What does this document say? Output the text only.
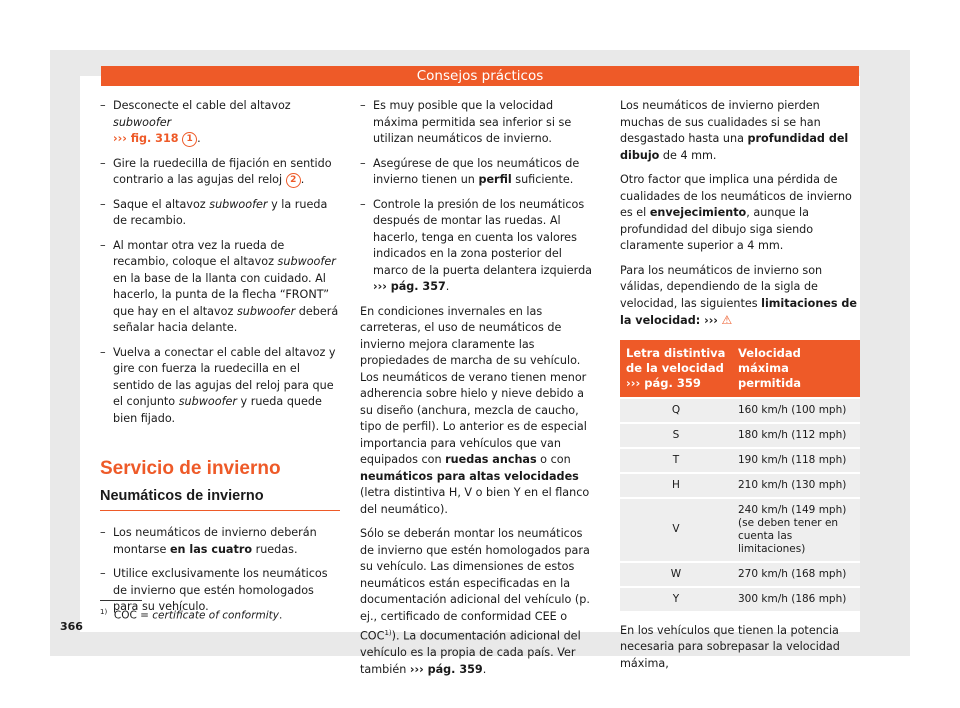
Consejos prácticos
– Desconecte el cable del altavoz subwoofer
››› fig. 318 1 .
– Gire la ruedecilla de fijación en sentido contrario a las agujas del reloj 2 .
– Saque el altavoz subwoofer y la rueda de recambio.
– Al montar otra vez la rueda de recambio, coloque el altavoz subwoofer en la base de la llanta con cuidado. Al hacerlo, la punta de la flecha “FRONT” que hay en el altavoz subwoofer deberá señalar hacia delante.
– Vuelva a conectar el cable del altavoz y gire con fuerza la ruedecilla en el sentido de las agujas del reloj para que el conjunto subwoofer y rueda quede bien fijado.
Servicio de invierno
Neumáticos de invierno
– Los neumáticos de invierno deberán montarse en las cuatro ruedas.
– Utilice exclusivamente los neumáticos de invierno que estén homologados para su vehículo.
– Es muy posible que la velocidad máxima permitida sea inferior si se utilizan neumáticos de invierno.
– Asegúrese de que los neumáticos de invierno tienen un perfil suficiente.
– Controle la presión de los neumáticos después de montar las ruedas. Al hacerlo, tenga en cuenta los valores indicados en la zona posterior del marco de la puerta delantera izquierda ››› pág. 357.

En condiciones invernales en las carreteras, el uso de neumáticos de invierno mejora claramente las propiedades de marcha de su vehículo. Los neumáticos de verano tienen menor adherencia sobre hielo y nieve debido a su diseño (anchura, mezcla de caucho, tipo de perfil). Lo anterior es de especial importancia para vehículos que van equipados con ruedas anchas o con neumáticos para altas velocidades (letra distintiva H, V o bien Y en el flanco del neumático).

Sólo se deberán montar los neumáticos de invierno que estén homologados para su vehículo. Las dimensiones de estos neumáticos están especificadas en la documentación adicional del vehículo (p. ej., certificado de conformidad CEE o COC$^{1)}$). La documentación adicional del vehículo es la propia de cada país. Ver también ››› pág. 359.

Los neumáticos de invierno pierden muchas de sus cualidades si se han desgastado hasta una profundidad del dibujo de 4 mm.

Otro factor que implica una pérdida de cualidades de los neumáticos de invierno es el envejecimiento, aunque la profundidad del dibujo siga siendo claramente superior a 4 mm.

Para los neumáticos de invierno son válidas, dependiendo de la sigla de velocidad, las siguientes limitaciones de la velocidad: ››› ⚠

Letra distintiva de la velocidad
››› pág. 359	Velocidad máxima permitida
Q	160 km/h (100 mph)
S	180 km/h (112 mph)
T	190 km/h (118 mph)
H	210 km/h (130 mph)
V	240 km/h (149 mph) (se deben tener en cuenta las limitaciones)
W	270 km/h (168 mph)
Y	300 km/h (186 mph)

En los vehículos que tienen la potencia necesaria para sobrepasar la velocidad máxima,

$^{1)}$ COC = certificate of conformity.
366
